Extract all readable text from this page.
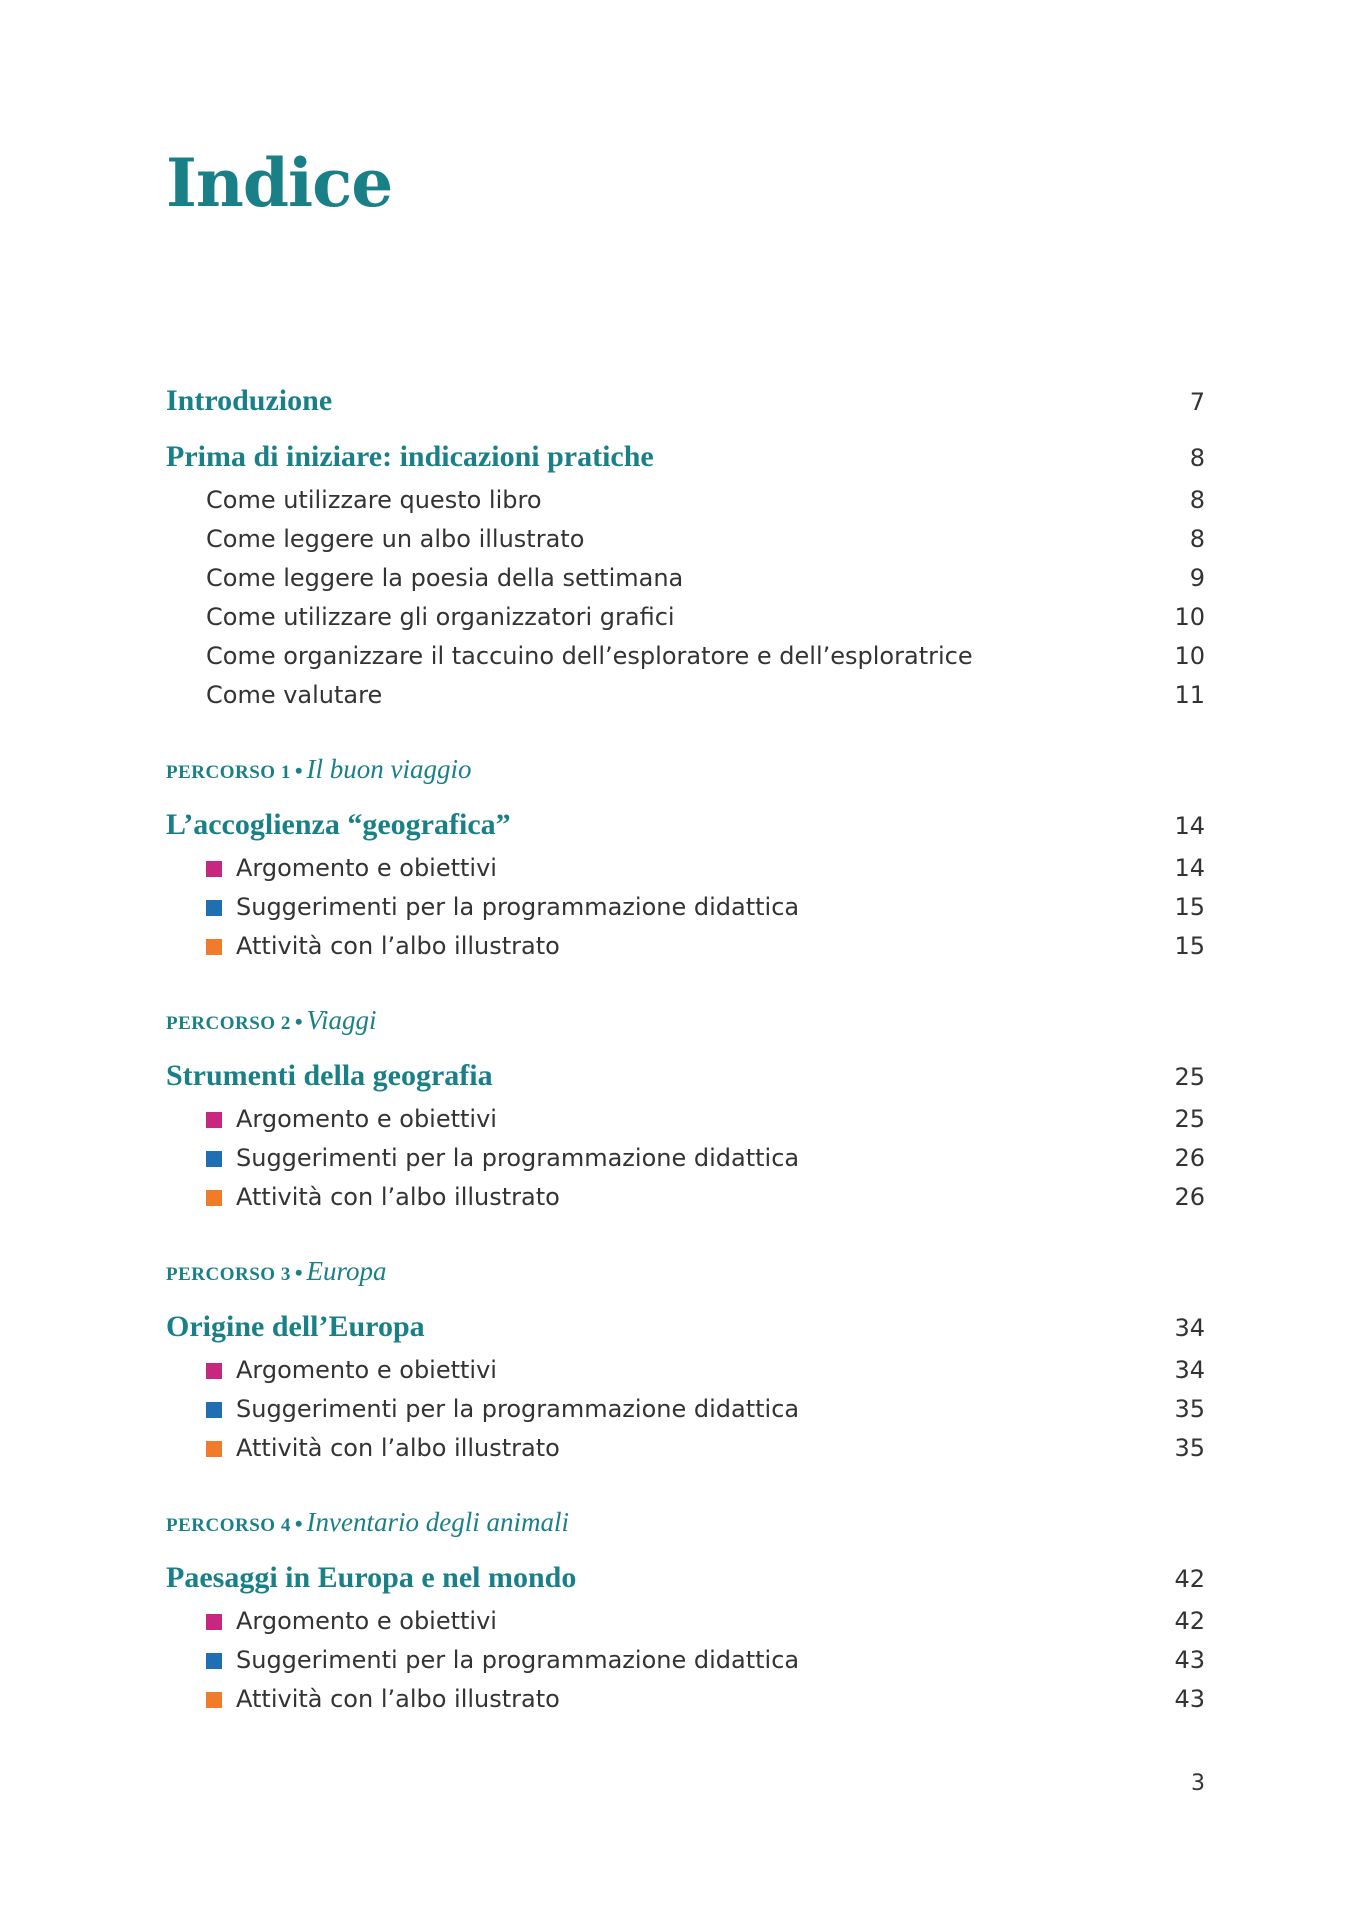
Indice
Introduzione	7
Prima di iniziare: indicazioni pratiche	8
Come utilizzare questo libro	8
Come leggere un albo illustrato	8
Come leggere la poesia della settimana	9
Come utilizzare gli organizzatori grafici	10
Come organizzare il taccuino dell’esploratore e dell’esploratrice	10
Come valutare	11
PERCORSO 1 • Il buon viaggio
L’accoglienza “geografica”	14
Argomento e obiettivi	14
Suggerimenti per la programmazione didattica	15
Attività con l’albo illustrato	15
PERCORSO 2 • Viaggi
Strumenti della geografia	25
Argomento e obiettivi	25
Suggerimenti per la programmazione didattica	26
Attività con l’albo illustrato	26
PERCORSO 3 • Europa
Origine dell’Europa	34
Argomento e obiettivi	34
Suggerimenti per la programmazione didattica	35
Attività con l’albo illustrato	35
PERCORSO 4 • Inventario degli animali
Paesaggi in Europa e nel mondo	42
Argomento e obiettivi	42
Suggerimenti per la programmazione didattica	43
Attività con l’albo illustrato	43
3
